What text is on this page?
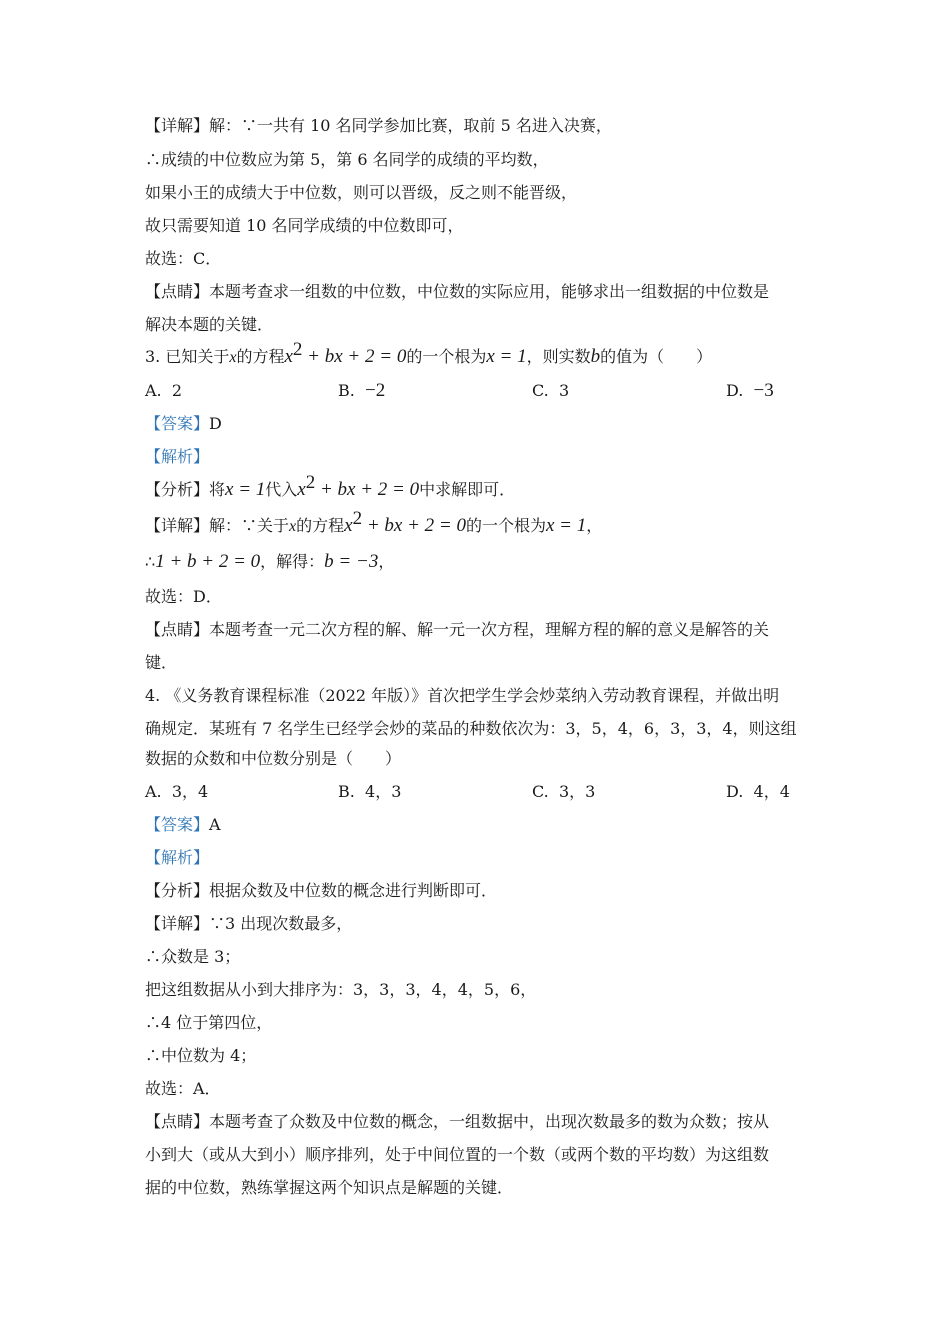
【详解】解：∵一共有 10 名同学参加比赛，取前 5 名进入决赛，
∴成绩的中位数应为第 5，第 6 名同学的成绩的平均数，
如果小王的成绩大于中位数，则可以晋级，反之则不能晋级，
故只需要知道 10 名同学成绩的中位数即可，
故选：C．
【点睛】本题考查求一组数的中位数，中位数的实际应用，能够求出一组数据的中位数是
解决本题的关键．
3. 已知关于x的方程$x^2$ + bx + 2 = 0的一个根为x = 1，则实数b的值为（　　）
A. 2	B. −2	C. 3	D. −3
【答案】D
【解析】
【分析】将x = 1代入$x^2$ + bx + 2 = 0中求解即可．
【详解】解：∵关于x的方程$x^2$ + bx + 2 = 0的一个根为x = 1，
∴1 + b + 2 = 0，解得：b = −3，
故选：D．
【点睛】本题考查一元二次方程的解、解一元一次方程，理解方程的解的意义是解答的关
键．
4. 《义务教育课程标准（2022 年版）》首次把学生学会炒菜纳入劳动教育课程，并做出明
确规定．某班有 7 名学生已经学会炒的菜品的种数依次为：3，5，4，6，3，3，4，则这组
数据的众数和中位数分别是（　　）
A. 3，4	B. 4，3	C. 3，3	D. 4，4
【答案】A
【解析】
【分析】根据众数及中位数的概念进行判断即可．
【详解】∵3 出现次数最多，
∴众数是 3；
把这组数据从小到大排序为：3，3，3，4，4，5，6，
∴4 位于第四位，
∴中位数为 4；
故选：A．
【点睛】本题考查了众数及中位数的概念，一组数据中，出现次数最多的数为众数；按从
小到大（或从大到小）顺序排列，处于中间位置的一个数（或两个数的平均数）为这组数
据的中位数，熟练掌握这两个知识点是解题的关键．
